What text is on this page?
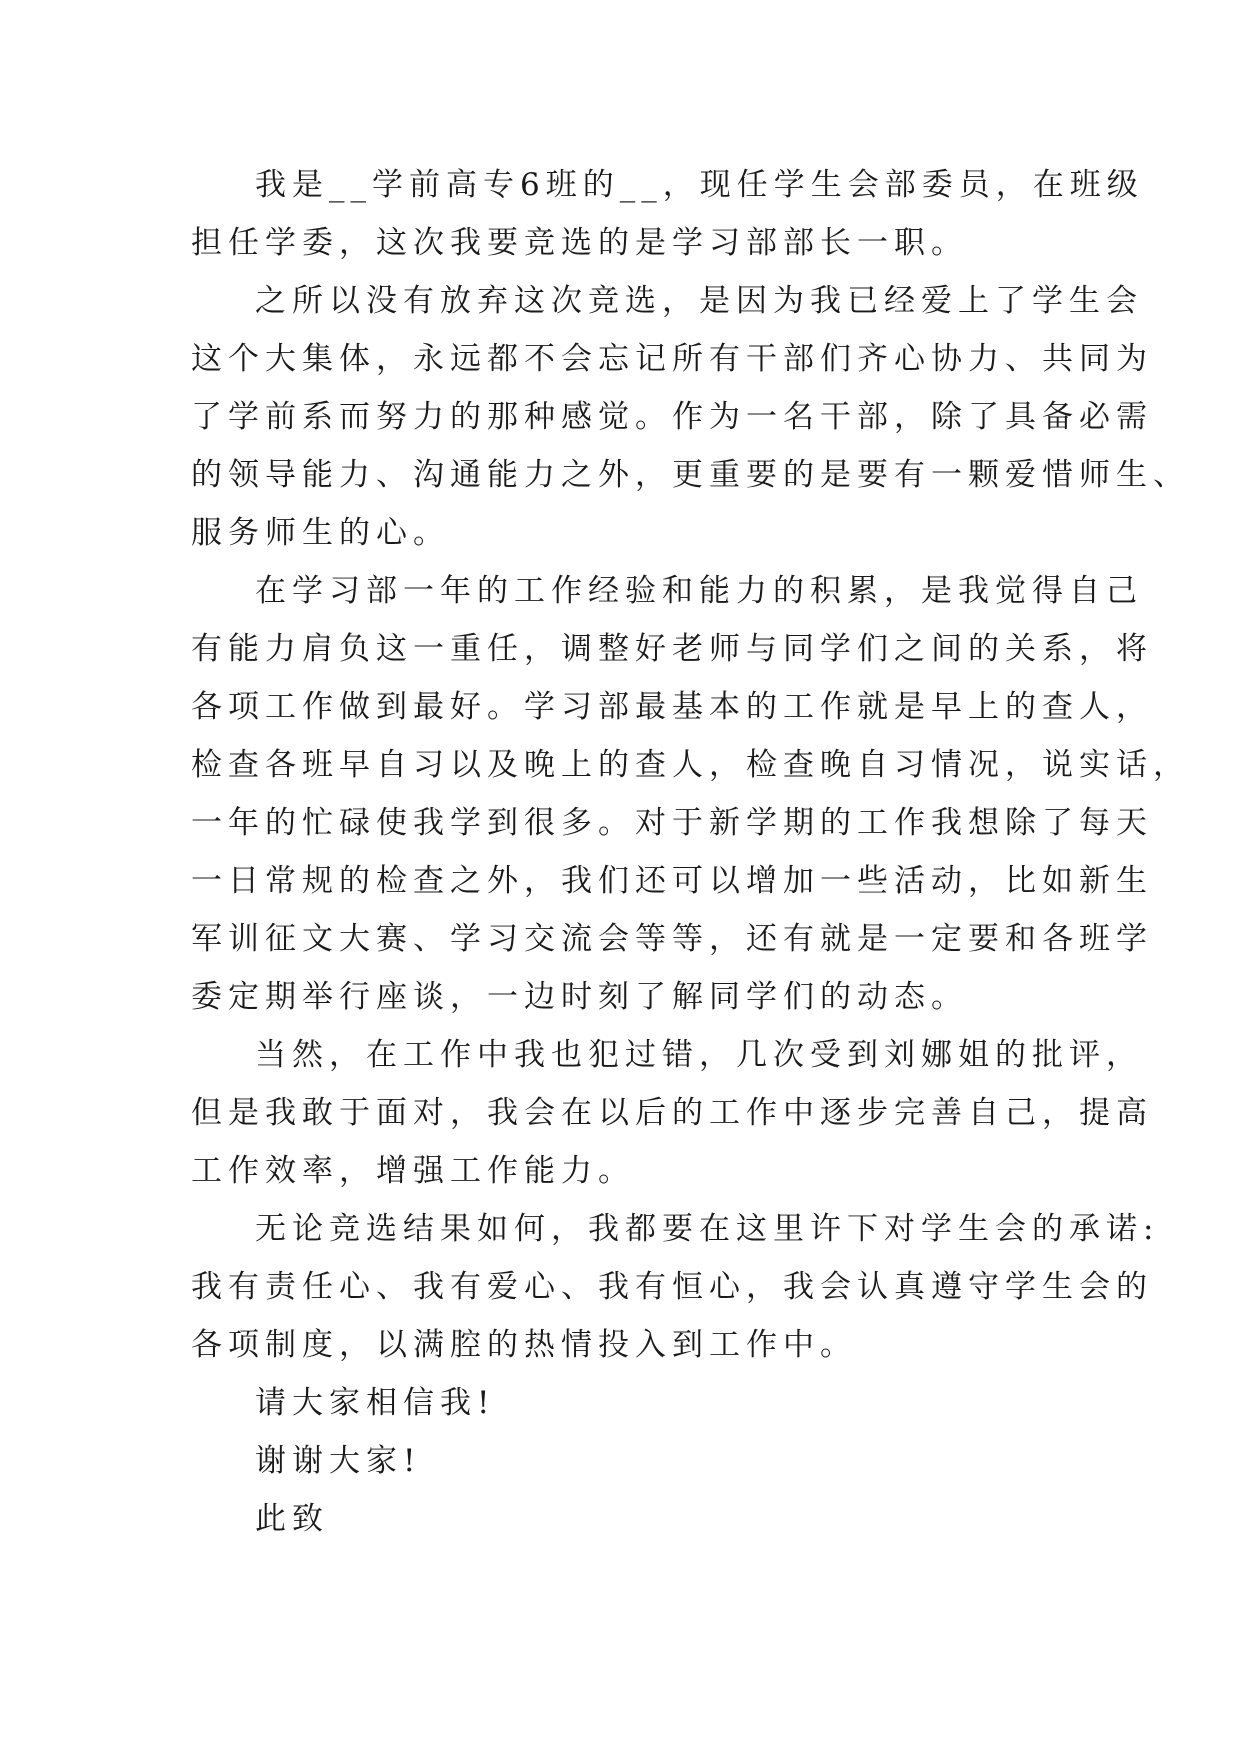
我是__学前高专6班的__，现任学生会部委员，在班级
担任学委，这次我要竞选的是学习部部长一职。
之所以没有放弃这次竞选，是因为我已经爱上了学生会
这个大集体，永远都不会忘记所有干部们齐心协力、共同为
了学前系而努力的那种感觉。作为一名干部，除了具备必需
的领导能力、沟通能力之外，更重要的是要有一颗爱惜师生、
服务师生的心。
在学习部一年的工作经验和能力的积累，是我觉得自己
有能力肩负这一重任，调整好老师与同学们之间的关系，将
各项工作做到最好。学习部最基本的工作就是早上的查人，
检查各班早自习以及晚上的查人，检查晚自习情况，说实话，
一年的忙碌使我学到很多。对于新学期的工作我想除了每天
一日常规的检查之外，我们还可以增加一些活动，比如新生
军训征文大赛、学习交流会等等，还有就是一定要和各班学
委定期举行座谈，一边时刻了解同学们的动态。
当然，在工作中我也犯过错，几次受到刘娜姐的批评，
但是我敢于面对，我会在以后的工作中逐步完善自己，提高
工作效率，增强工作能力。
无论竞选结果如何，我都要在这里许下对学生会的承诺:
我有责任心、我有爱心、我有恒心，我会认真遵守学生会的
各项制度，以满腔的热情投入到工作中。
请大家相信我!
谢谢大家!
此致
